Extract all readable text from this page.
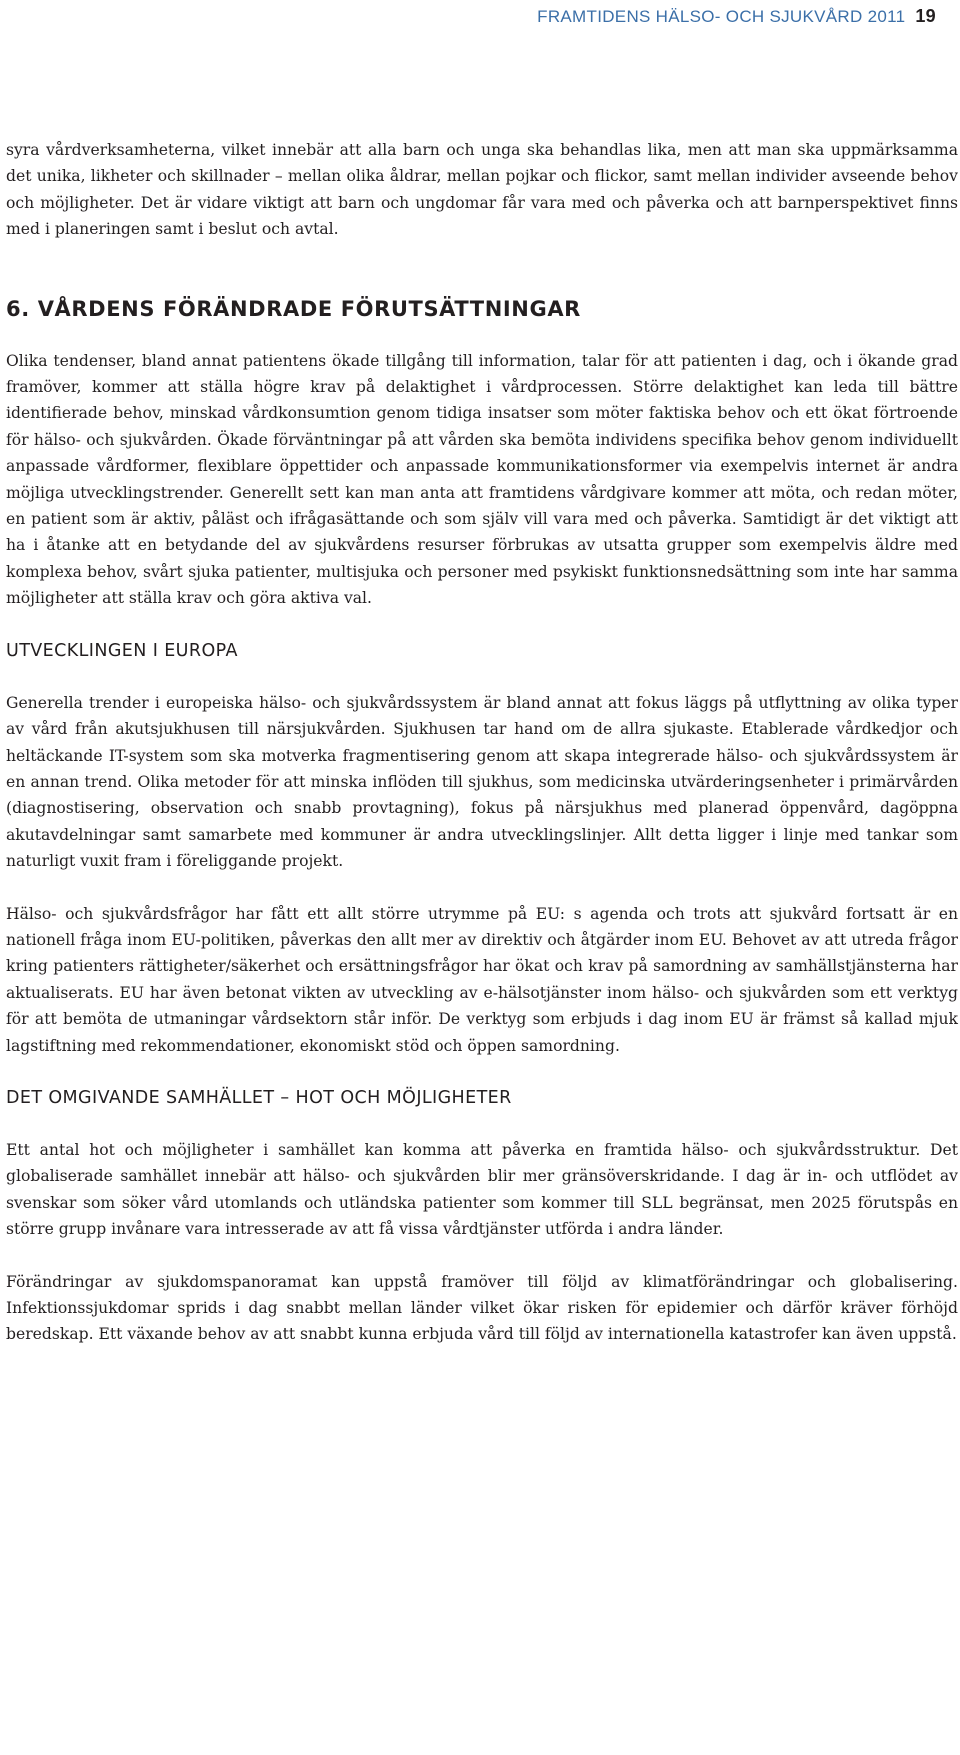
FRAMTIDENS HÄLSO- OCH SJUKVÅRD 2011 19

syra vårdverksamheterna, vilket innebär att alla barn och unga ska behandlas lika, men att man ska uppmärksamma det unika, likheter och skillnader – mellan olika åldrar, mellan pojkar och flickor, samt mellan individer avseende behov och möjligheter. Det är vidare viktigt att barn och ungdomar får vara med och påverka och att barnperspektivet finns med i planeringen samt i beslut och avtal.

6. VÅRDENS FÖRÄNDRADE FÖRUTSÄTTNINGAR

Olika tendenser, bland annat patientens ökade tillgång till information, talar för att patienten i dag, och i ökande grad framöver, kommer att ställa högre krav på delaktighet i vårdprocessen. Större delaktighet kan leda till bättre identifierade behov, minskad vårdkonsumtion genom tidiga insatser som möter faktiska behov och ett ökat förtroende för hälso- och sjukvården. Ökade förväntningar på att vården ska bemöta individens specifika behov genom individuellt anpassade vårdformer, flexiblare öppettider och anpassade kommunikationsformer via exempelvis internet är andra möjliga utvecklingstrender. Generellt sett kan man anta att framtidens vårdgivare kommer att möta, och redan möter, en patient som är aktiv, påläst och ifrågasättande och som själv vill vara med och påverka. Samtidigt är det viktigt att ha i åtanke att en betydande del av sjukvårdens resurser förbrukas av utsatta grupper som exempelvis äldre med komplexa behov, svårt sjuka patienter, multisjuka och personer med psykiskt funktionsnedsättning som inte har samma möjligheter att ställa krav och göra aktiva val.

UTVECKLINGEN I EUROPA

Generella trender i europeiska hälso- och sjukvårdssystem är bland annat att fokus läggs på utflyttning av olika typer av vård från akutsjukhusen till närsjukvården. Sjukhusen tar hand om de allra sjukaste. Etablerade vårdkedjor och heltäckande IT-system som ska motverka fragmentisering genom att skapa integrerade hälso- och sjukvårdssystem är en annan trend. Olika metoder för att minska inflöden till sjukhus, som medicinska utvärderingsenheter i primärvården (diagnostisering, observation och snabb provtagning), fokus på närsjukhus med planerad öppenvård, dagöppna akutavdelningar samt samarbete med kommuner är andra utvecklingslinjer. Allt detta ligger i linje med tankar som naturligt vuxit fram i föreliggande projekt.

Hälso- och sjukvårdsfrågor har fått ett allt större utrymme på EU: s agenda och trots att sjukvård fortsatt är en nationell fråga inom EU-politiken, påverkas den allt mer av direktiv och åtgärder inom EU. Behovet av att utreda frågor kring patienters rättigheter/säkerhet och ersättningsfrågor har ökat och krav på samordning av samhällstjänsterna har aktualiserats. EU har även betonat vikten av utveckling av e-hälsotjänster inom hälso- och sjukvården som ett verktyg för att bemöta de utmaningar vårdsektorn står inför. De verktyg som erbjuds i dag inom EU är främst så kallad mjuk lagstiftning med rekommendationer, ekonomiskt stöd och öppen samordning.

DET OMGIVANDE SAMHÄLLET – HOT OCH MÖJLIGHETER

Ett antal hot och möjligheter i samhället kan komma att påverka en framtida hälso- och sjukvårdsstruktur. Det globaliserade samhället innebär att hälso- och sjukvården blir mer gränsöverskridande. I dag är in- och utflödet av svenskar som söker vård utomlands och utländska patienter som kommer till SLL begränsat, men 2025 förutspås en större grupp invånare vara intresserade av att få vissa vårdtjänster utförda i andra länder.

Förändringar av sjukdomspanoramat kan uppstå framöver till följd av klimatförändringar och globalisering. Infektionssjukdomar sprids i dag snabbt mellan länder vilket ökar risken för epidemier och därför kräver förhöjd beredskap. Ett växande behov av att snabbt kunna erbjuda vård till följd av internationella katastrofer kan även uppstå.
